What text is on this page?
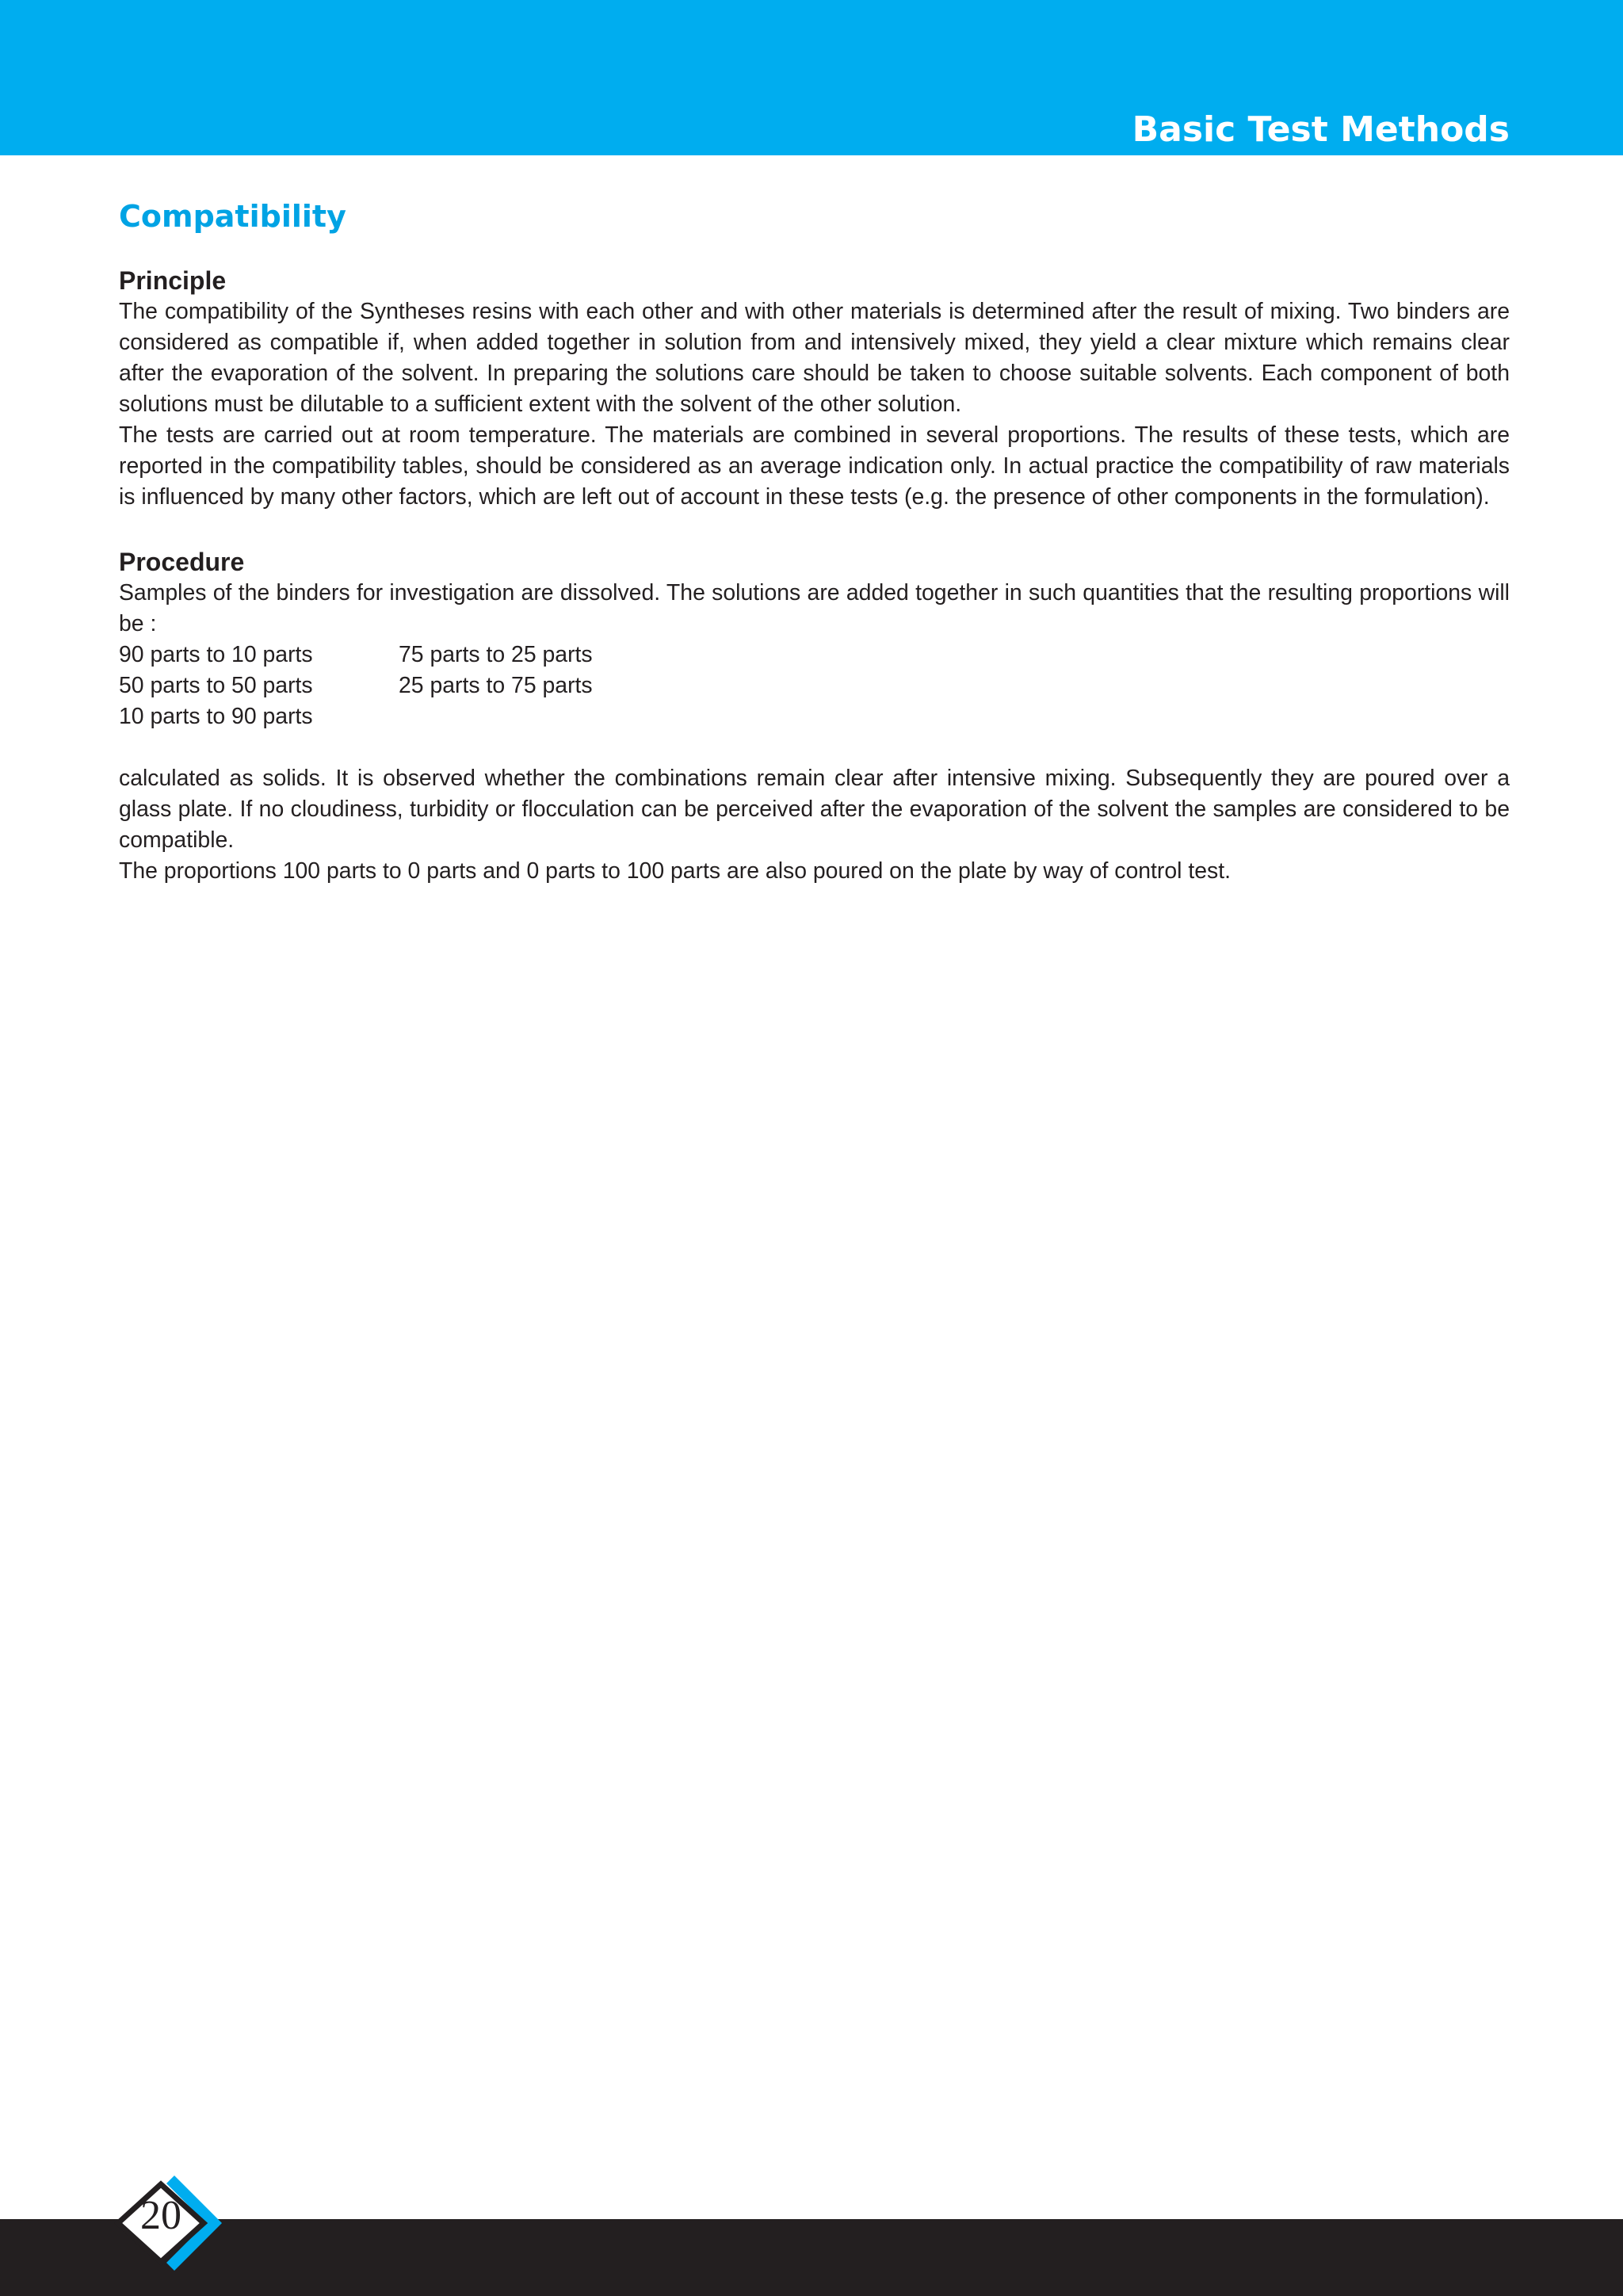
Basic Test Methods
Compatibility
Principle

The compatibility of the Syntheses resins with each other and with other materials is determined after the result of mixing. Two binders are considered as compatible if, when added together in solution from and intensively mixed, they yield a clear mixture which remains clear after the evaporation of the solvent. In preparing the solutions care should be taken to choose suitable solvents. Each component of both solutions must be dilutable to a sufficient extent with the solvent of the other solution.

The tests are carried out at room temperature. The materials are combined in several proportions. The results of these tests, which are reported in the compatibility tables, should be considered as an average indication only. In actual practice the compatibility of raw materials is influenced by many other factors, which are left out of account in these tests (e.g. the presence of other components in the formulation).

Procedure

Samples of the binders for investigation are dissolved. The solutions are added together in such quantities that the resulting proportions will be :

90 parts to 10 parts	75 parts to 25 parts
50 parts to 50 parts	25 parts to 75 parts
10 parts to 90 parts

calculated as solids. It is observed whether the combinations remain clear after intensive mixing. Subsequently they are poured over a glass plate. If no cloudiness, turbidity or flocculation can be perceived after the evaporation of the solvent the samples are considered to be compatible.

The proportions 100 parts to 0 parts and 0 parts to 100 parts are also poured on the plate by way of control test.

20
